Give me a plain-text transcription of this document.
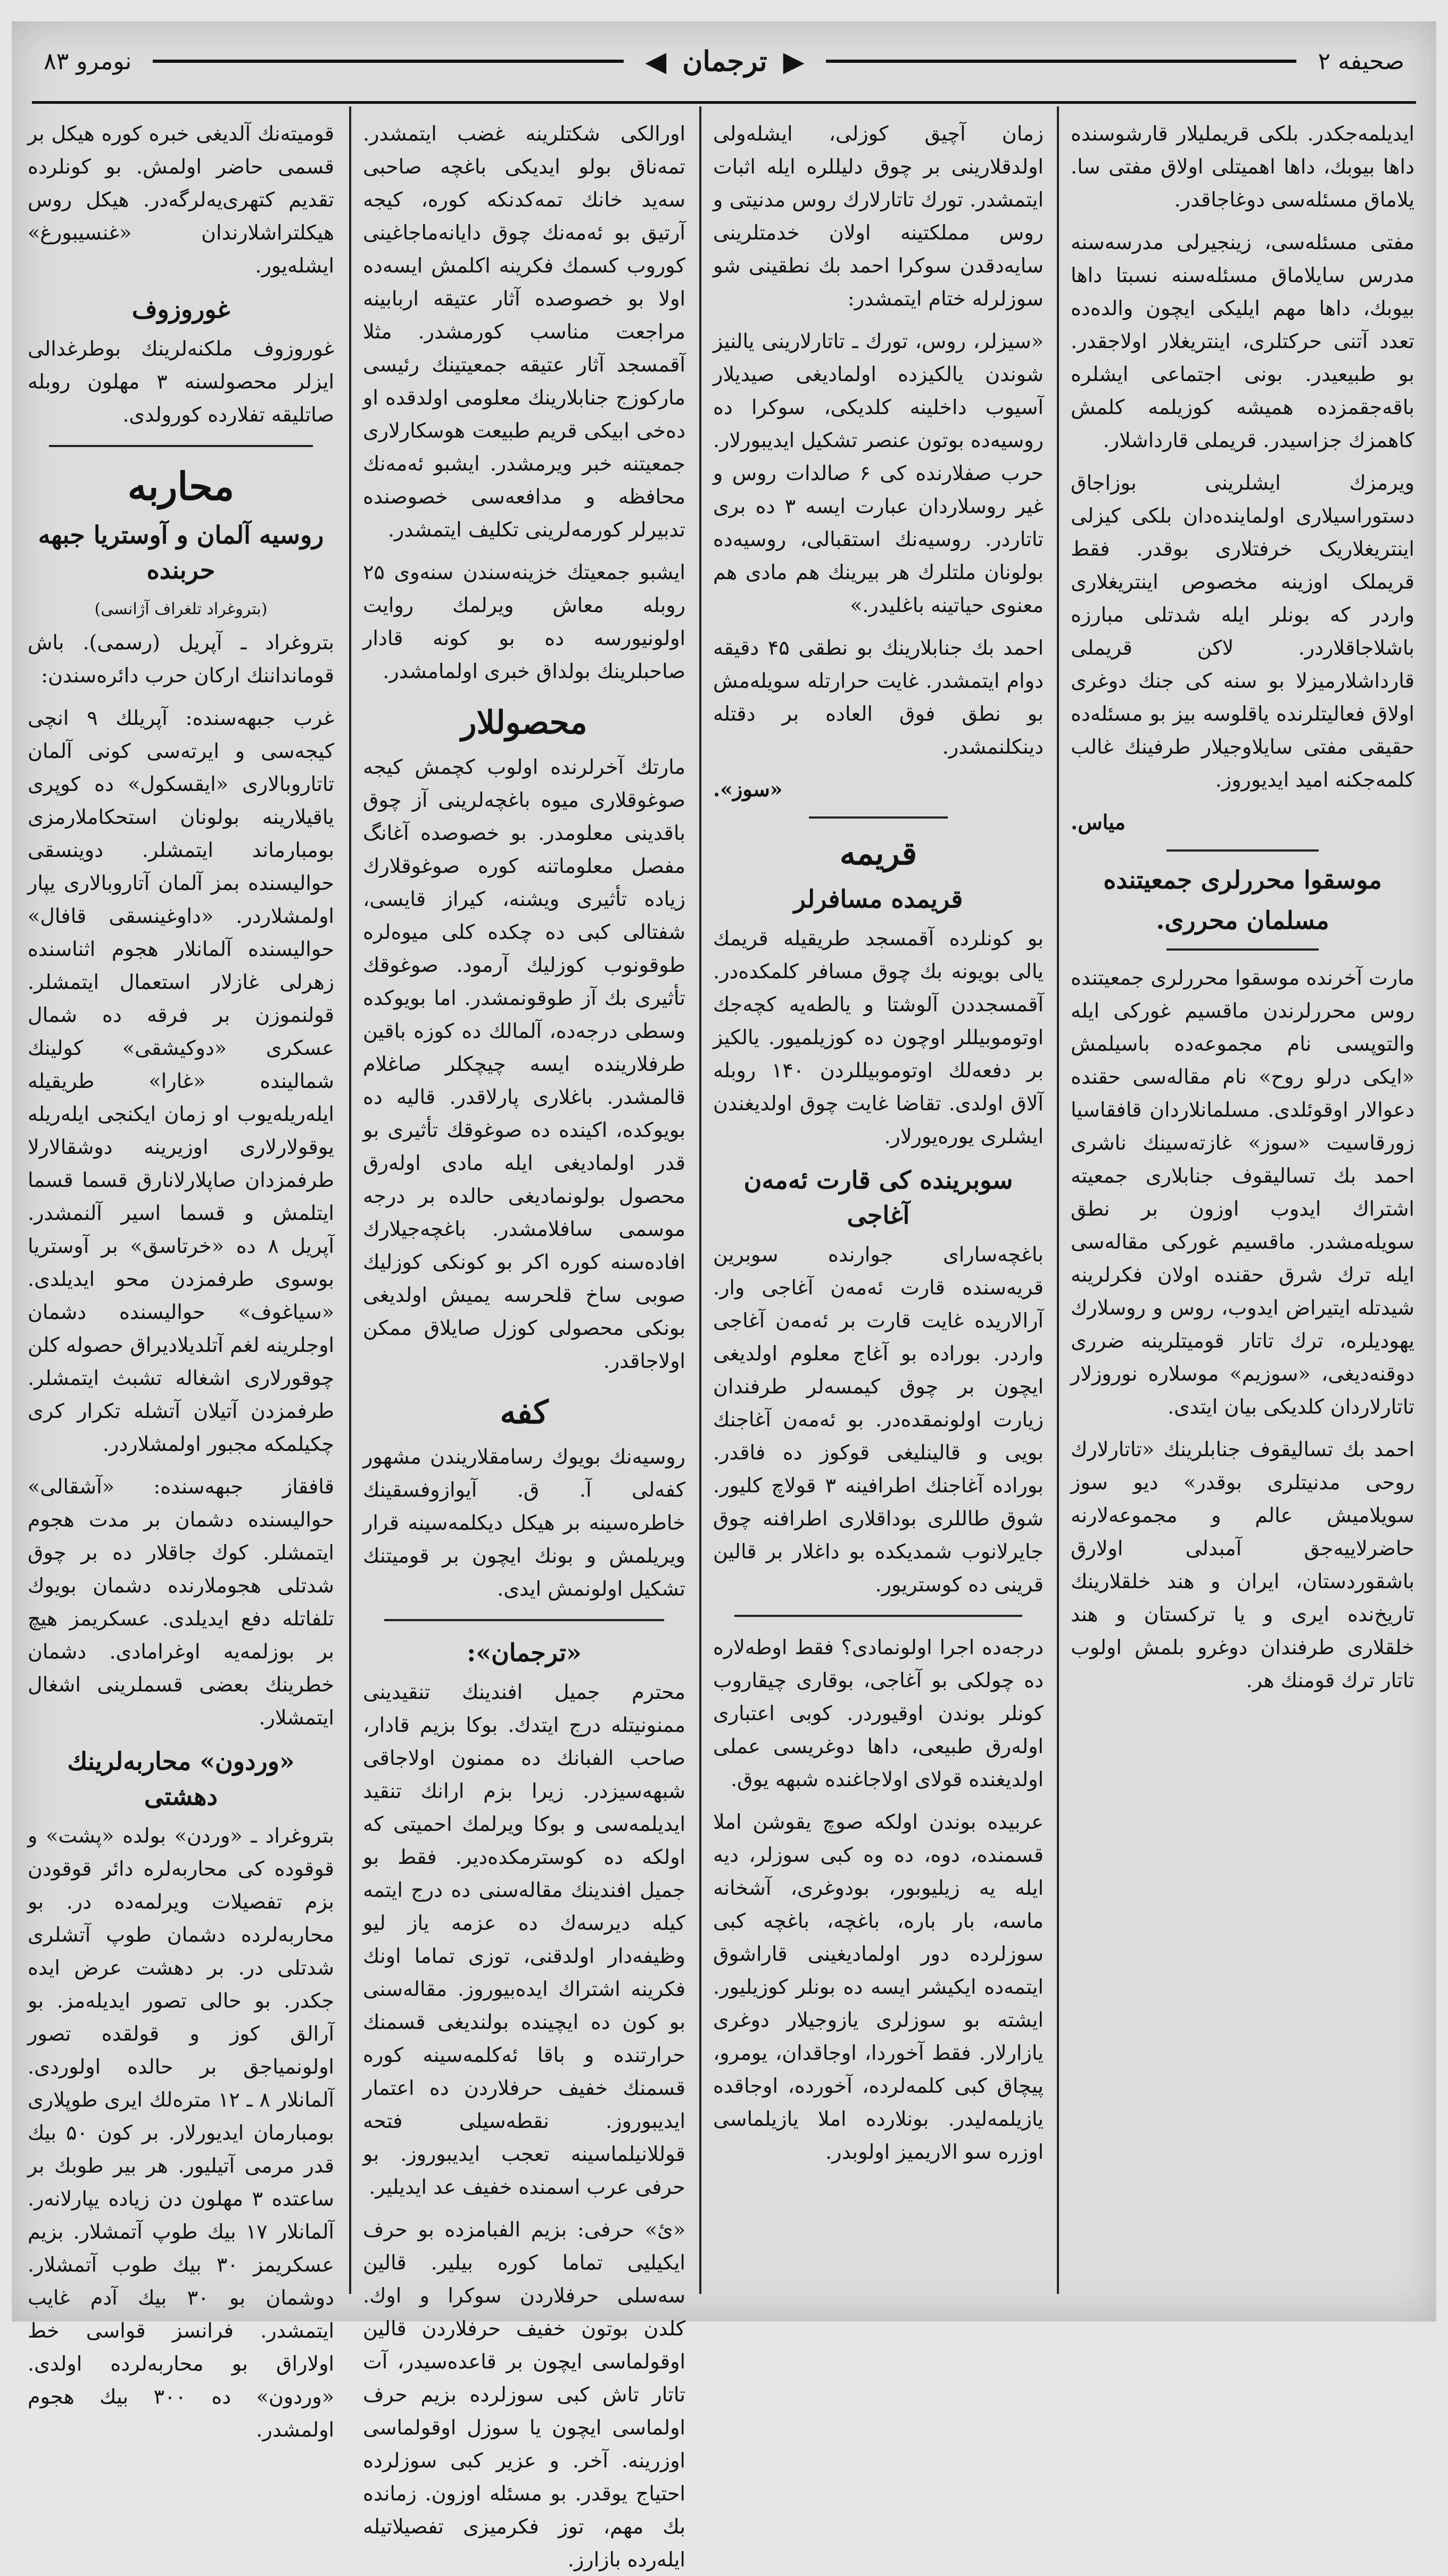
نومرو ۸۳	◀ ترجمان ▶	۲ صحیفه

ایدیلمه‌جکدر. بلکی قریملیلار قارشوسنده داها بیوبك، داها اهمیتلی اولاق مفتی سا. یلاماق مسئله‌سی دوغاجاقدر.

مفتی مسئله‌سی، زینجیرلی مدرسه‌سنه مدرس سایلاماق مسئله‌سنه نسبتا داها بیوبك، داها مهم ایلیکی ایچون والده‌ده تعدد آتنی حرکتلری، اینتریغلار اولاجقدر. بو طبیعیدر. بونی اجتماعی ایشلره باقه‌جقمزده همیشه کوزیلمه کلمش کاهمزك جزاسیدر. قریملی قارداشلار.

ویرمزك ایشلرینی بوزاجاق دستور‌اسیلاری اولماینده‌دان بلکی کیزلی اینتریغلاریک خرفتلاری بوقدر. فقط قریملک اوزینه مخصوص اینتریغلاری واردر که بونلر ایله شدتلی مبارزه باشلاجاقلاردر. لاکن قریملی قارداشلارمیزلا بو سنه کی جنك دوغری اولاق فعالیتلرنده یاقلوسه بیز بو مسئله‌ده حقیقی مفتی سایلاوجیلار طرفینك غالب کلمه‌جکنه امید ایدیوروز.

میاس.
موسقوا محررلری جمعیتنده
مسلمان محرری.

مارت آخرنده موسقوا محررلری جمعیتنده روس محررلرندن ماقسیم غورکی ایله والتوپسی نام مجموعه‌ده باسیلمش «ایکی درلو روح» نام مقاله‌سی حقنده دعوالار اوقوئلدی. مسلمانلاردان قافقاسیا زورقاسیت «سوز» غازته‌سینك ناشری احمد بك تسالیقوف جنابلاری جمعیته اشتراك ایدوب اوزون بر نطق سویله‌مشدر. ماقسیم غورکی مقاله‌سی ایله ترك شرق حقنده اولان فکرلرینه شیدتله ایتیراض ایدوب، روس و روسلارك یهودیلره، ترك تاتار قومیتلرینه ضرری دوقنه‌دیغی، «سوزیم» موسلاره نوروزلار تاتارلاردان کلدیکی بیان ایتدی.

احمد بك تسالیقوف جنابلرینك «تاتارلارك روحی مدنیتلری بوقدر» دیو سوز سویلامیش عالم و مجموعه‌لارنه حاضرلاییه‌جق آمبدلی اولارق باشقوردستان، ایران و هند خلقلارینك تاریخ‌نده ایری و یا ترکستان و هند خلقلاری طرفندان دوغرو بلمش اولوب تاتار ترك قومنك هر.

زمان آچیق کوزلی، ایشله‌ولی اولدقلارینی بر چوق دلیللره ایله اثبات ایتمشدر. تورك تاتارلارك روس مدنیتی و روس مملکتینه اولان خدمتلرینی سایه‌دقدن سوکرا احمد بك نطقینی شو سوزلرله ختام ایتمشدر:

«سیزلر، روس، تورك ـ تاتارلارینی یالنیز شوندن یالکیزده اولمادیغی صیدیلار آسیوب داخلینه کلدیکی، سوکرا ده روسیه‌ده بوتون عنصر تشکیل ایدیبورلار. حرب صفلارنده کی ۶ صالدات روس و غیر روسلاردان عبارت ایسه ۳ ده بری تاتاردر. روسیه‌نك استقبالی، روسیه‌ده بولونان ملتلرك هر بیرینك هم مادی هم معنوی حیاتینه باغلیدر.»

احمد بك جنابلارینك بو نطقی ۴۵ دقیقه دوام ایتمشدر. غایت حرارتله سویله‌مش بو نطق فوق العاده بر دقتله دینکلنمشدر.

«سوز».
قریمه
قریمده مسافرلر

بو کونلرده آقمسجد طریقیله قریمك یالی بویونه بك چوق مسافر کلمکده‌در. آقمسجددن آلوشتا و یالطه‌یه کچه‌جك اوتوموبیللر اوچون ده کوزیلمیور. یالکیز بر دفعه‌لك اوتوموبیللردن ۱۴۰ روبله آلاق اولدی. تقاضا غایت چوق اولدیغندن ایشلری یوره‌یورلار.

سوبرینده کی قارت ئه‌مه‌ن آغاجی

باغچه‌سارای جوارنده سوبرین قریه‌سنده قارت ئه‌مه‌ن آغاجی وار. آرالاریده غایت قارت بر ئه‌مه‌ن آغاجی واردر. بوراده بو آغاج معلوم اولدیغی ایچون بر چوق کیمسه‌لر طرفندان زیارت اولونمقده‌در. بو ئه‌مه‌ن آغاجنك بویی و قالینلیغی قوکوز ده فاقدر. بوراده آغاجنك اطرافینه ۳ قولاچ کلیور. شوق طاللری بوداقلاری اطرافنه چوق جایرلانوب شمدیکده بو داغلار بر قالین قرینی ده کوستریور.

درجه‌ده اجرا اولونمادی؟ فقط اوطه‌لاره ده چولکی بو آغاجی، بوقاری چیقاروب کونلر بوندن اوقیوردر. کوبی اعتباری اوله‌رق طبیعی، داها دوغریسی عملی اولدیغنده قولای اولاجاغنده شبهه یوق.

عربیده بوندن اولکه صوچ یقوشن املا قسمنده، دوه، ده وه کبی سوزلر، دیه ایله یه زیلیوبور، بودوغری، آشخانه ماسه، بار باره، باغچه، باغچه کبی سوزلرده دور اولمادیغینی قاراشوق ایتمه‌ده ایکیشر ایسه ده بونلر کوزیلیور. ایشته بو سوزلری یازوجیلار دوغری یازارلار. فقط آخوردا، اوجاقدان، یومرو، پیچاق کبی کلمه‌لرده، آخورده، اوجاقده یازیلمه‌لیدر. بونلارده املا یازیلماسی اوزره سو الاریمیز اولوبدر.

اورالکی شکتلرینه غضب ایتمشدر. تمه‌ناق بولو ایدیکی باغچه صاحبی سه‌ید خانك تمه‌کدنکه کوره، کیجه آرتیق بو ئه‌مه‌نك چوق دایانه‌ماجاغینی کوروب کسمك فکرینه اکلمش ایسه‌ده اولا بو خصوصده آثار عتیقه اربابینه مراجعت مناسب کورمشدر. مثلا آقمسجد آثار عتیقه جمعیتینك رئیسی مارکوزج جنابلارینك معلومی اولدقده او ده‌خی ابیکی قریم طبیعت هوسکارلاری جمعیتنه خبر ویرمشدر. ایشبو ئه‌مه‌نك محافظه و مدافعه‌سی خصوصنده تدبیرلر کورمه‌لرینی تکلیف ایتمشدر.

ایشبو جمعیتك خزینه‌سندن سنه‌وی ۲۵ روبله معاش ویرلمك روایت اولونیورسه ده بو کونه قادار صاحبلرینك بولداق خبری اولمامشدر.

محصوللار

مارتك آخرلرنده اولوب کچمش کیجه صوغوقلاری میوه باغچه‌لرینی آز چوق باقدینی معلومدر. بو خصوصده آغانگ مفصل معلوماتنه کوره صوغوقلارك زیاده تأثیری ویشنه، کیراز قایسی، شفتالی کبی ده چکده کلی میوه‌لره طوقونوب کوزلیك آرمود. صوغوقك تأثیری بك آز طوقونمشدر. اما بویوکده وسطی درجه‌ده، آلمالك ده کوزه باقین طرفلارینده ایسه چیچکلر صاغلام قالمشدر. باغلاری پارلاقدر. قالیه ده بویوکده، اکینده ده صوغوقك تأثیری بو قدر اولمادیغی ایله مادی اوله‌رق محصول بولونمادیغی حالده بر درجه موسمی سافلامشدر. باغچه‌جیلارك افاده‌سنه کوره اکر بو کونکی کوزلیك صوبی ساخ قلحرسه یمیش اولدیغی بونکی محصولی کوزل صایلاق ممکن اولاجاقدر.

کفه

روسیه‌نك بویوك رسامقلاریندن مشهور کفه‌لی آ. ق. آیوازوفسقینك خاطره‌سینه بر هیکل دیکلمه‌سینه قرار ویریلمش و بونك ایچون بر قومیتنك تشکیل اولونمش ایدی.

«ترجمان»:

محترم جمیل افندینك تنقیدینی ممنونیتله درج ایتدك. بوکا بزیم قادار، صاحب الفبانك ده ممنون اولاجاقی شبهه‌سیزدر. زیرا بزم ارانك تنقید ایدیلمه‌سی و بوکا ویرلمك احمیتی که اولکه ده کوسترمکده‌دیر. فقط بو جمیل افندینك مقاله‌سنی ده درج ایتمه کیله دیرسه‌ك ده عزمه یاز لیو وظیفه‌دار اولدقنی، توزی تماما اونك فکرینه اشتراك ایده‌بیوروز. مقاله‌سنی بو کون ده ایچینده بولندیغی قسمنك حرارتنده و باقا ئه‌کلمه‌سینه کوره قسمنك خفیف حرفلاردن ده اعتمار ایدیبوروز. نقطه‌سیلی فتحه قوللانیلماسینه تعجب ایدیبوروز. بو حرفی عرب اسمنده خفیف عد ایدیلیر.

«ئ» حرفی: بزیم الفبامزده بو حرف ایکیلیی تماما کوره بیلیر. قالین سه‌سلی حرفلاردن سوکرا و اوك. کلدن بوتون خفیف حرفلاردن قالین اوقولماسی ایچون بر قاعده‌سیدر، آت تاتار تاش کبی سوزلرده بزیم حرف اولماسی ایچون یا سوزل اوقولماسی اوزرینه. آخر. و عزیر کبی سوزلرده احتیاج یوقدر. بو مسئله اوزون. زمانده بك مهم، توز فکرمیزی تفصیلاتیله ایله‌رده بازارز.

قومیته‌نك آلدیغی خبره کوره هیکل بر قسمی حاضر اولمش. بو کونلرده تقدیم کتهری‌یه‌لرگه‌در. هیکل روس هیکلتراشلارندان «غنسیبورغ» ایشله‌یور.

غوروزوف

غوروزوف ملکنه‌لرینك بوطرغدالی ایزلر محصولسنه ۳ مهلون روبله صاتلیقه تفلارده کورولدی.

محاربه
روسیه آلمان و آوستریا جبهه حربنده
(بتروغراد تلغراف آژانسی)

بتروغراد ـ آپریل (رسمی). باش قومانداننك اركان حرب دائره‌سندن:

غرب جبهه‌سنده: آپریلك ۹ انچی کیجه‌سی و ایرته‌سی کونی آلمان تاتاروبالاری «ایقسکول» ده کوپری یاقیلارینه بولونان استحکاملارمزی بومبارماند ایتمشلر. دوینسقی حوالیسنده بمز آلمان آتاروبالاری یپار اولمشلاردر. «داوغینسقی قافال» حوالیسنده آلمانلار هجوم اثناسنده زهرلی غازلار استعمال ایتمشلر. قولنموزن بر فرقه ده شمال عسکری «دوکیشقی» کولینك شمالینده «غارا» طریقیله ایله‌ریله‌یوب او زمان ایکنجی ایله‌ریله‌ یوقولارلاری اوزیرینه دوشقالارلا طرفمزدان صاپلارلانارق قسما قسما ایتلمش و قسما اسیر آلنمشدر. آپریل ۸ ده «خرتاسق» بر آوستریا بوسوی طرفمزدن محو ایدیلدی. «سیاغوف» حوالیسنده دشمان اوجلرینه لغم آتلدیلادیراق حصوله کلن چوقورلاری اشغاله تشبث ایتمشلر. طرفمزدن آتیلان آتشله تکرار کری چکیلمکه مجبور اولمشلاردر.

قافقاز جبهه‌سنده: «آشقالی» حوالیسنده دشمان بر مدت هجوم ایتمشلر. کوك جاقلار ده بر چوق شدتلی هجوملارنده دشمان بویوك تلفاتله دفع ایدیلدی. عسکریمز هیچ بر بوزلمه‌یه اوغرامادی. دشمان خطرینك بعضی قسملرینی اشغال ایتمشلار.

«وردون» محاربه‌لرینك دهشتی

بتروغراد ـ «وردن» بولده «پشت» و قوقوده کی محاربه‌لره دائر قوقودن بزم تفصیلات ویرلمه‌ده در. بو محاربه‌لرده دشمان طوپ آتشلری شدتلی در. بر دهشت عرض ایده جکدر. بو حالی تصور ایدیله‌مز. بو آرالق کوز و قولقده تصور اولونمیاجق بر حالده اولوردی. آلمانلار ۸ ـ ۱۲ متره‌لك ایری طوپلاری بومبارمان ایدیورلار. بر کون ۵۰ بیك قدر مرمی آتیلیور. هر بیر طوبك بر ساعتده ۳ مهلون دن زیاده یپارلانه‌ر. آلمانلار ۱۷ بیك طوپ آتمشلار. بزیم عسکریمز ۳۰ بیك طوب آتمشلار. دوشمان بو ۳۰ بیك آدم غایب ایتمشدر. فرانسز قواسی خط اولاراق بو محاربه‌لرده اولدی. «وردون» ده ۳۰۰ بیك هجوم اولمشدر.
